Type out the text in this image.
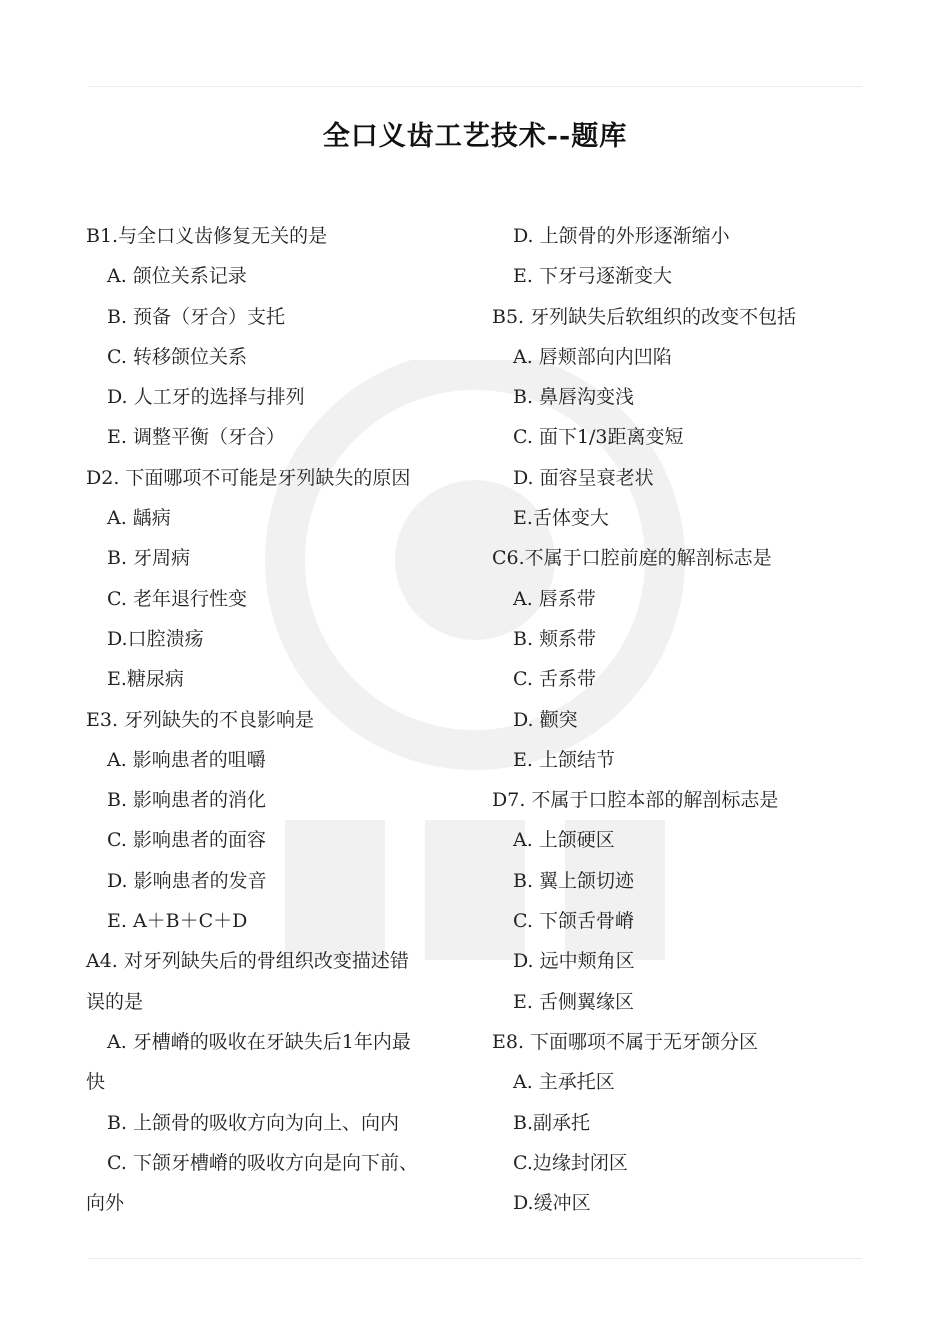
全口义齿工艺技术--题库
B1.与全口义齿修复无关的是
A. 颌位关系记录
B. 预备（牙合）支托
C. 转移颌位关系
D. 人工牙的选择与排列
E. 调整平衡（牙合）
D2. 下面哪项不可能是牙列缺失的原因
A. 龋病
B. 牙周病
C. 老年退行性变
D.口腔溃疡
E.糖尿病
E3. 牙列缺失的不良影响是
A. 影响患者的咀嚼
B. 影响患者的消化
C. 影响患者的面容
D. 影响患者的发音
E. A＋B＋C＋D
A4. 对牙列缺失后的骨组织改变描述错
误的是
A. 牙槽嵴的吸收在牙缺失后1年内最
快
B. 上颌骨的吸收方向为向上、向内
C. 下颌牙槽嵴的吸收方向是向下前、
向外
D. 上颌骨的外形逐渐缩小
E. 下牙弓逐渐变大
B5. 牙列缺失后软组织的改变不包括
A. 唇颊部向内凹陷
B. 鼻唇沟变浅
C. 面下1/3距离变短
D. 面容呈衰老状
E.舌体变大
C6.不属于口腔前庭的解剖标志是
A. 唇系带
B. 颊系带
C. 舌系带
D. 颧突
E. 上颌结节
D7. 不属于口腔本部的解剖标志是
A. 上颌硬区
B. 翼上颌切迹
C. 下颌舌骨嵴
D. 远中颊角区
E. 舌侧翼缘区
E8. 下面哪项不属于无牙颌分区
A. 主承托区
B.副承托
C.边缘封闭区
D.缓冲区
